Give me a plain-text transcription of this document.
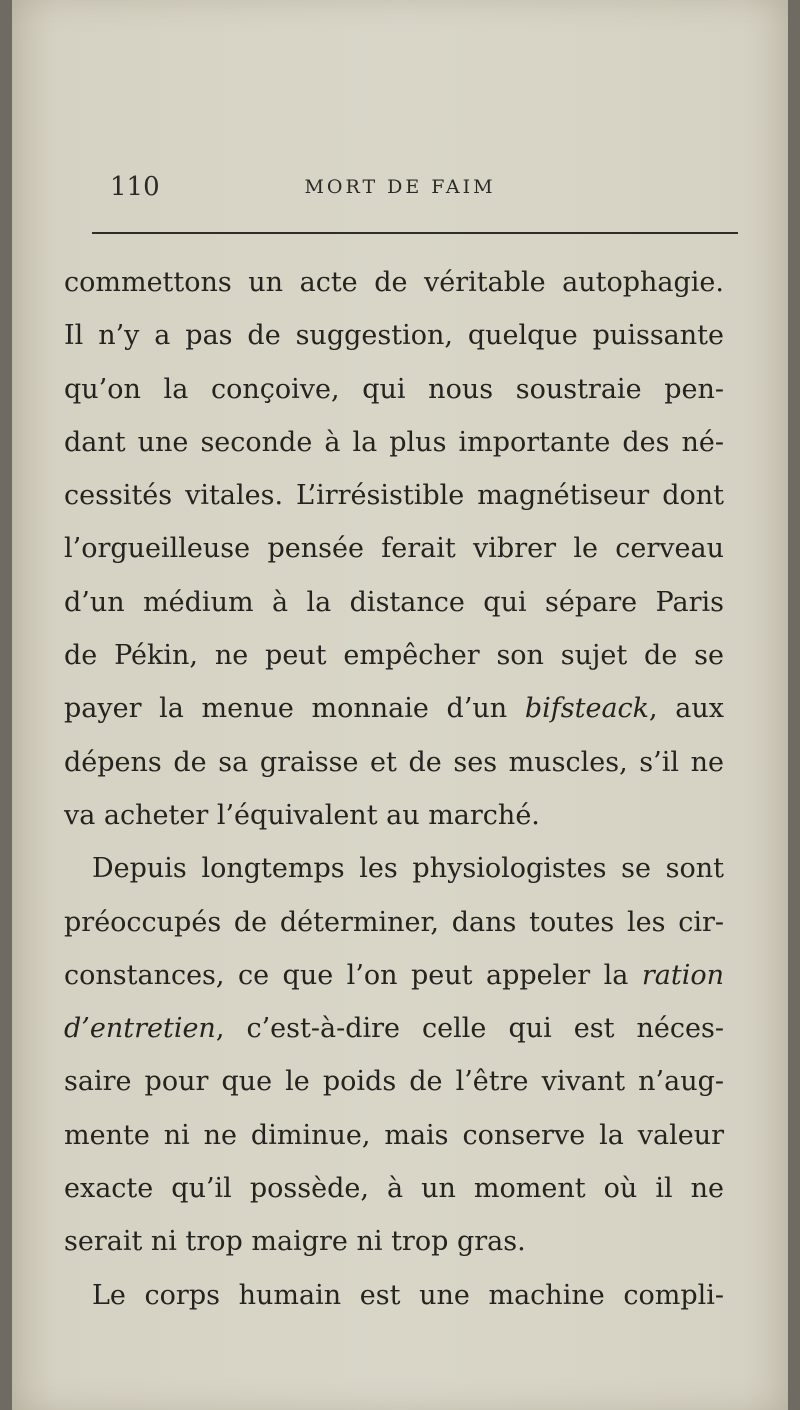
110	MORT DE FAIM
commettons un acte de véritable autophagie.
Il n’y a pas de suggestion, quelque puissante
qu’on la conçoive, qui nous soustraie pen-
dant une seconde à la plus importante des né-
cessités vitales. L’irrésistible magnétiseur dont
l’orgueilleuse pensée ferait vibrer le cerveau
d’un médium à la distance qui sépare Paris
de Pékin, ne peut empêcher son sujet de se
payer la menue monnaie d’un bifsteack, aux
dépens de sa graisse et de ses muscles, s’il ne
va acheter l’équivalent au marché.
Depuis longtemps les physiologistes se sont
préoccupés de déterminer, dans toutes les cir-
constances, ce que l’on peut appeler la ration
d’entretien, c’est-à-dire celle qui est néces-
saire pour que le poids de l’être vivant n’aug-
mente ni ne diminue, mais conserve la valeur
exacte qu’il possède, à un moment où il ne
serait ni trop maigre ni trop gras.
Le corps humain est une machine compli-
